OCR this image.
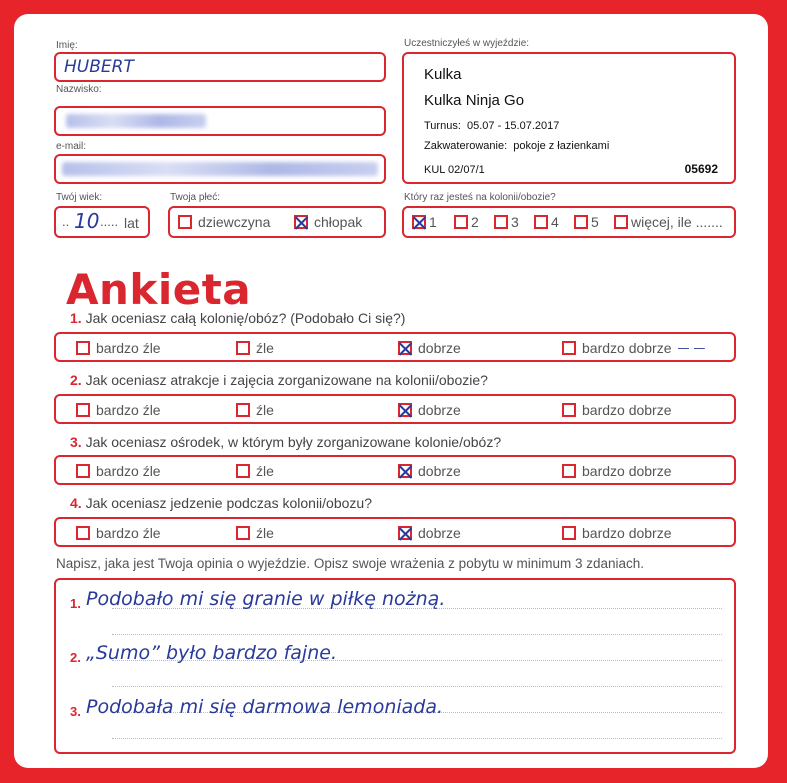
Imię:
HUBERT
Nazwisko:
e-mail:
Twój wiek:
.. 10 ..... lat
Twoja płeć:
dziewczyna	chłopak
Uczestniczyłeś w wyjeździe:
Kulka
Kulka Ninja Go
Turnus: 05.07 - 15.07.2017
Zakwaterowanie: pokoje z łazienkami
KUL 02/07/1	05692
Który raz jesteś na kolonii/obozie?
1 2 3 4 5 więcej, ile .......
Ankieta
1. Jak oceniasz całą kolonię/obóz? (Podobało Ci się?)
bardzo źle	źle	dobrze	bardzo dobrze — —
2. Jak oceniasz atrakcje i zajęcia zorganizowane na kolonii/obozie?
bardzo źle	źle	dobrze	bardzo dobrze
3. Jak oceniasz ośrodek, w którym były zorganizowane kolonie/obóz?
bardzo źle	źle	dobrze	bardzo dobrze
4. Jak oceniasz jedzenie podczas kolonii/obozu?
bardzo źle	źle	dobrze	bardzo dobrze
Napisz, jaka jest Twoja opinia o wyjeździe. Opisz swoje wrażenia z pobytu w minimum 3 zdaniach.
1. Podobało mi się granie w piłkę nożną.
2. „Sumo” było bardzo fajne.
3. Podobała mi się darmowa lemoniada.
